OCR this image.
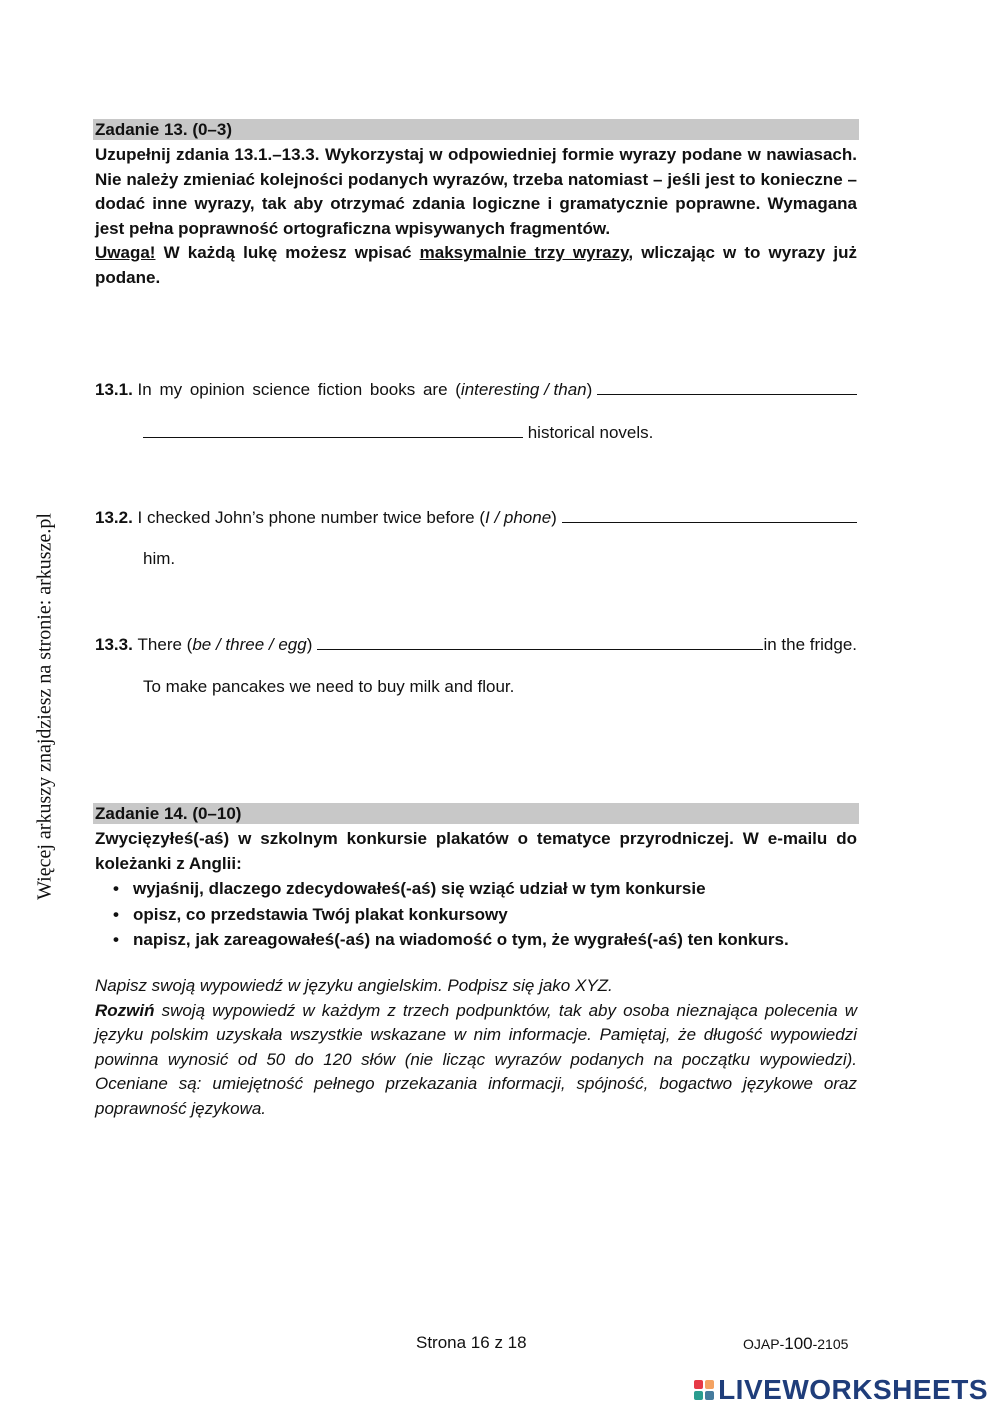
Więcej arkuszy znajdziesz na stronie: arkusze.pl
Zadanie 13. (0–3)
Uzupełnij zdania 13.1.–13.3. Wykorzystaj w odpowiedniej formie wyrazy podane w nawiasach. Nie należy zmieniać kolejności podanych wyrazów, trzeba natomiast – jeśli jest to konieczne – dodać inne wyrazy, tak aby otrzymać zdania logiczne i gramatycznie poprawne. Wymagana jest pełna poprawność ortograficzna wpisywanych fragmentów.
Uwaga! W każdą lukę możesz wpisać maksymalnie trzy wyrazy, wliczając w to wyrazy już podane.
13.1.
In my opinion science fiction books are ( interesting / than )

historical novels.
13.2.
I checked John’s phone number twice before ( I / phone )

him.
13.3.
There ( be / three / egg )
	in the fridge.
To make pancakes we need to buy milk and flour.
Zadanie 14. (0–10)
Zwycięzyłeś(-aś) w szkolnym konkursie plakatów o tematyce przyrodniczej. W e-mailu do koleżanki z Anglii:
• wyjaśnij, dlaczego zdecydowałeś(-aś) się wziąć udział w tym konkursie
• opisz, co przedstawia Twój plakat konkursowy
• napisz, jak zareagowałeś(-aś) na wiadomość o tym, że wygrałeś(-aś) ten konkurs.
Napisz swoją wypowiedź w języku angielskim. Podpisz się jako XYZ.
Rozwiń swoją wypowiedź w każdym z trzech podpunktów, tak aby osoba nieznająca polecenia w języku polskim uzyskała wszystkie wskazane w nim informacje. Pamiętaj, że długość wypowiedzi powinna wynosić od 50 do 120 słów (nie licząc wyrazów podanych na początku wypowiedzi). Oceniane są: umiejętność pełnego przekazania informacji, spójność, bogactwo językowe oraz poprawność językowa.
Strona 16 z 18	OJAP-100-2105
LIVEWORKSHEETS
